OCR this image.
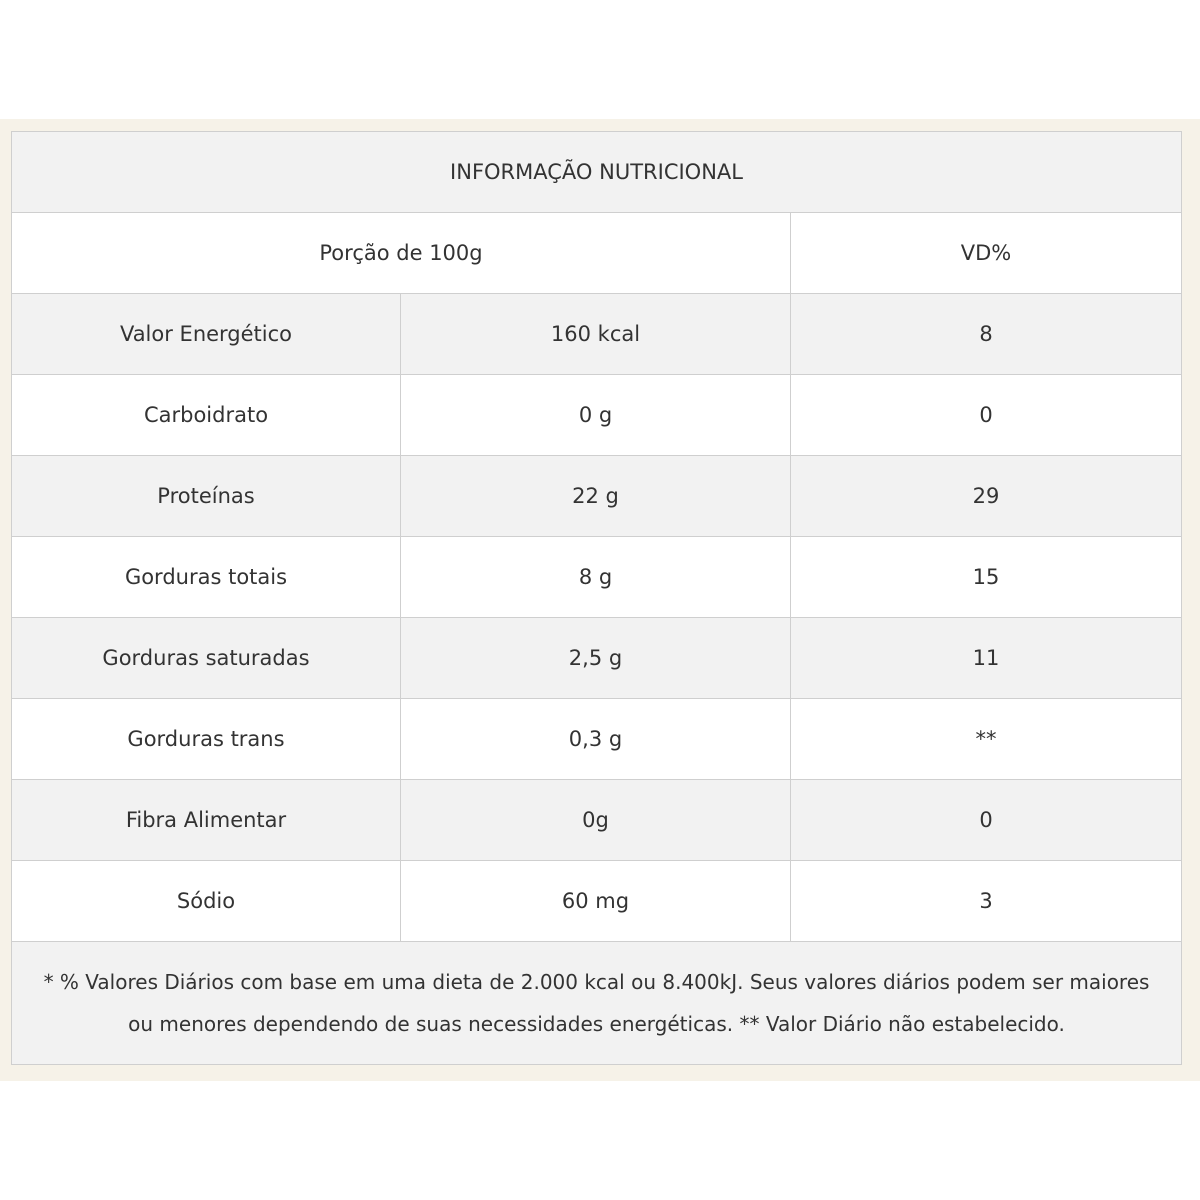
INFORMAÇÃO NUTRICIONAL		
Porção de 100g		VD%
Valor Energético	160 kcal	8
Carboidrato	0 g	0
Proteínas	22 g	29
Gorduras totais	8 g	15
Gorduras saturadas	2,5 g	11
Gorduras trans	0,3 g	**
Fibra Alimentar	0g	0
Sódio	60 mg	3
* % Valores Diários com base em uma dieta de 2.000 kcal ou 8.400kJ. Seus valores diários podem ser maiores ou menores dependendo de suas necessidades energéticas. ** Valor Diário não estabelecido.		
